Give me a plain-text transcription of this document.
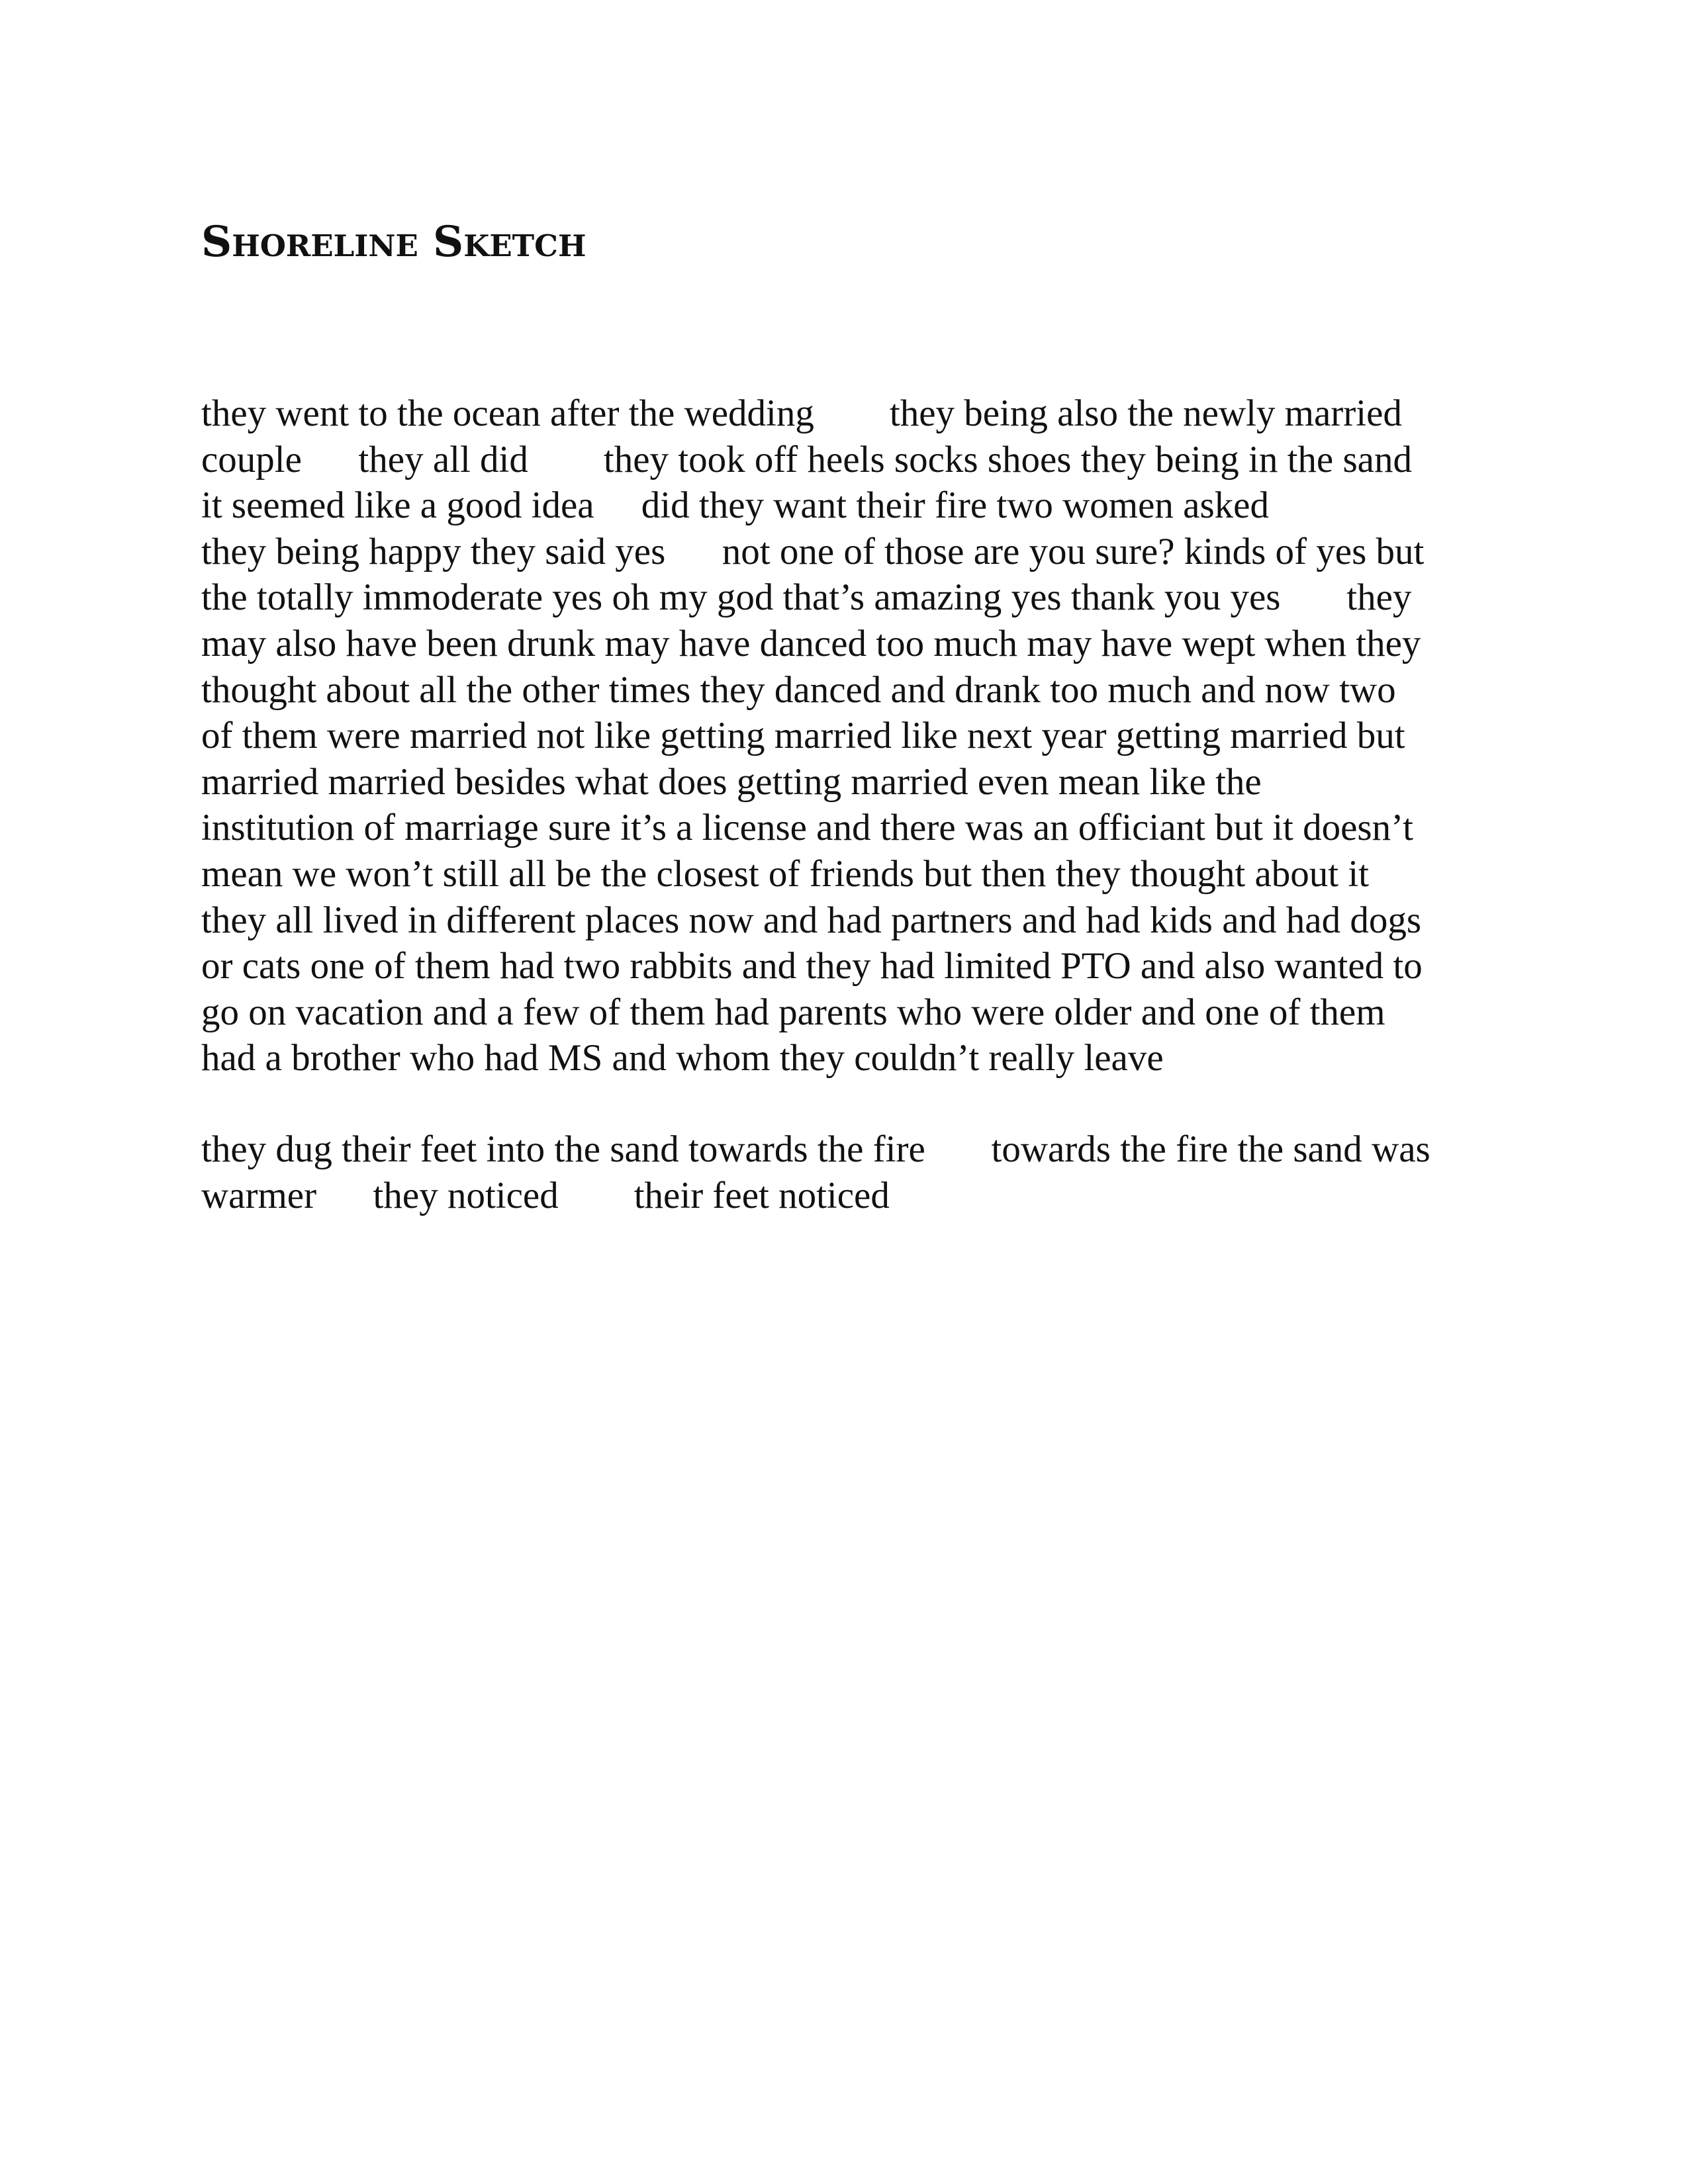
Shoreline Sketch
they went to the ocean after the wedding        they being also the newly married
couple      they all did        they took off heels socks shoes they being in the sand
it seemed like a good idea     did they want their fire two women asked
they being happy they said yes      not one of those are you sure? kinds of yes but
the totally immoderate yes oh my god that’s amazing yes thank you yes       they
may also have been drunk may have danced too much may have wept when they
thought about all the other times they danced and drank too much and now two
of them were married not like getting married like next year getting married but
married married besides what does getting married even mean like the
institution of marriage sure it’s a license and there was an officiant but it doesn’t
mean we won’t still all be the closest of friends but then they thought about it
they all lived in different places now and had partners and had kids and had dogs
or cats one of them had two rabbits and they had limited PTO and also wanted to
go on vacation and a few of them had parents who were older and one of them
had a brother who had MS and whom they couldn’t really leave
they dug their feet into the sand towards the fire       towards the fire the sand was
warmer      they noticed        their feet noticed
